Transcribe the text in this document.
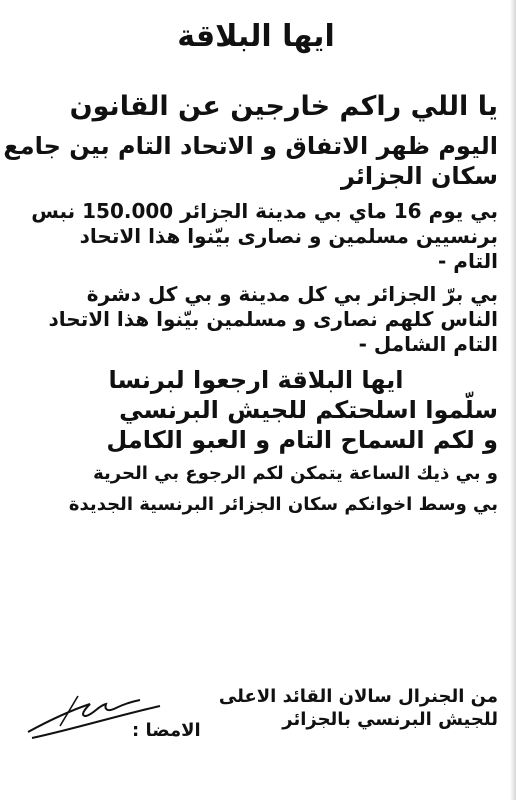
ايها البلاقة
يا اللي راكم خارجين عن القانون
اليوم ظهر الاتفاق و الاتحاد التام بين جامع
سكان الجزائر
بي يوم 16 ماي بي مدينة الجزائر 150.000 نبس
برنسيين مسلمين و نصارى بيّنوا هذا الاتحاد
التام -
بي برّ الجزائر بي كل مدينة و بي كل دشرة
الناس كلهم نصارى و مسلمين بيّنوا هذا الاتحاد
التام الشامل -
ايها البلاقة ارجعوا لبرنسا
سلّموا اسلحتكم للجيش البرنسي
و لكم السماح التام و العبو الكامل
و بي ذيك الساعة يتمكن لكم الرجوع بي الحرية
بي وسط اخوانكم سكان الجزائر البرنسية الجديدة
من الجنرال سالان القائد الاعلى
للجيش البرنسي بالجزائر
الامضا :
